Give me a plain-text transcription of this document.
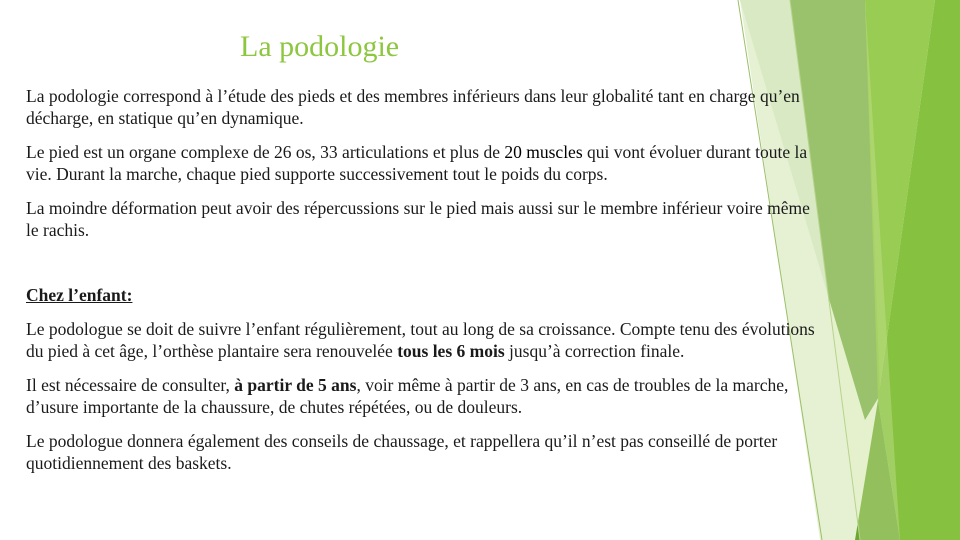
La podologie

La podologie correspond à l’étude des pieds et des membres inférieurs dans leur globalité tant en charge qu’en décharge, en statique qu’en dynamique.

Le pied est un organe complexe de 26 os, 33 articulations et plus de 20 muscles qui vont évoluer durant toute la vie. Durant la marche, chaque pied supporte successivement tout le poids du corps.

La moindre déformation peut avoir des répercussions sur le pied mais aussi sur le membre inférieur voire même le rachis.

Chez l’enfant:

Le podologue se doit de suivre l’enfant régulièrement, tout au long de sa croissance. Compte tenu des évolutions du pied à cet âge, l’orthèse plantaire sera renouvelée tous les 6 mois jusqu’à correction finale.

Il est nécessaire de consulter, à partir de 5 ans, voir même à partir de 3 ans, en cas de troubles de la marche, d’usure importante de la chaussure, de chutes répétées, ou de douleurs.

Le podologue donnera également des conseils de chaussage, et rappellera qu’il n’est pas conseillé de porter quotidiennement des baskets.
